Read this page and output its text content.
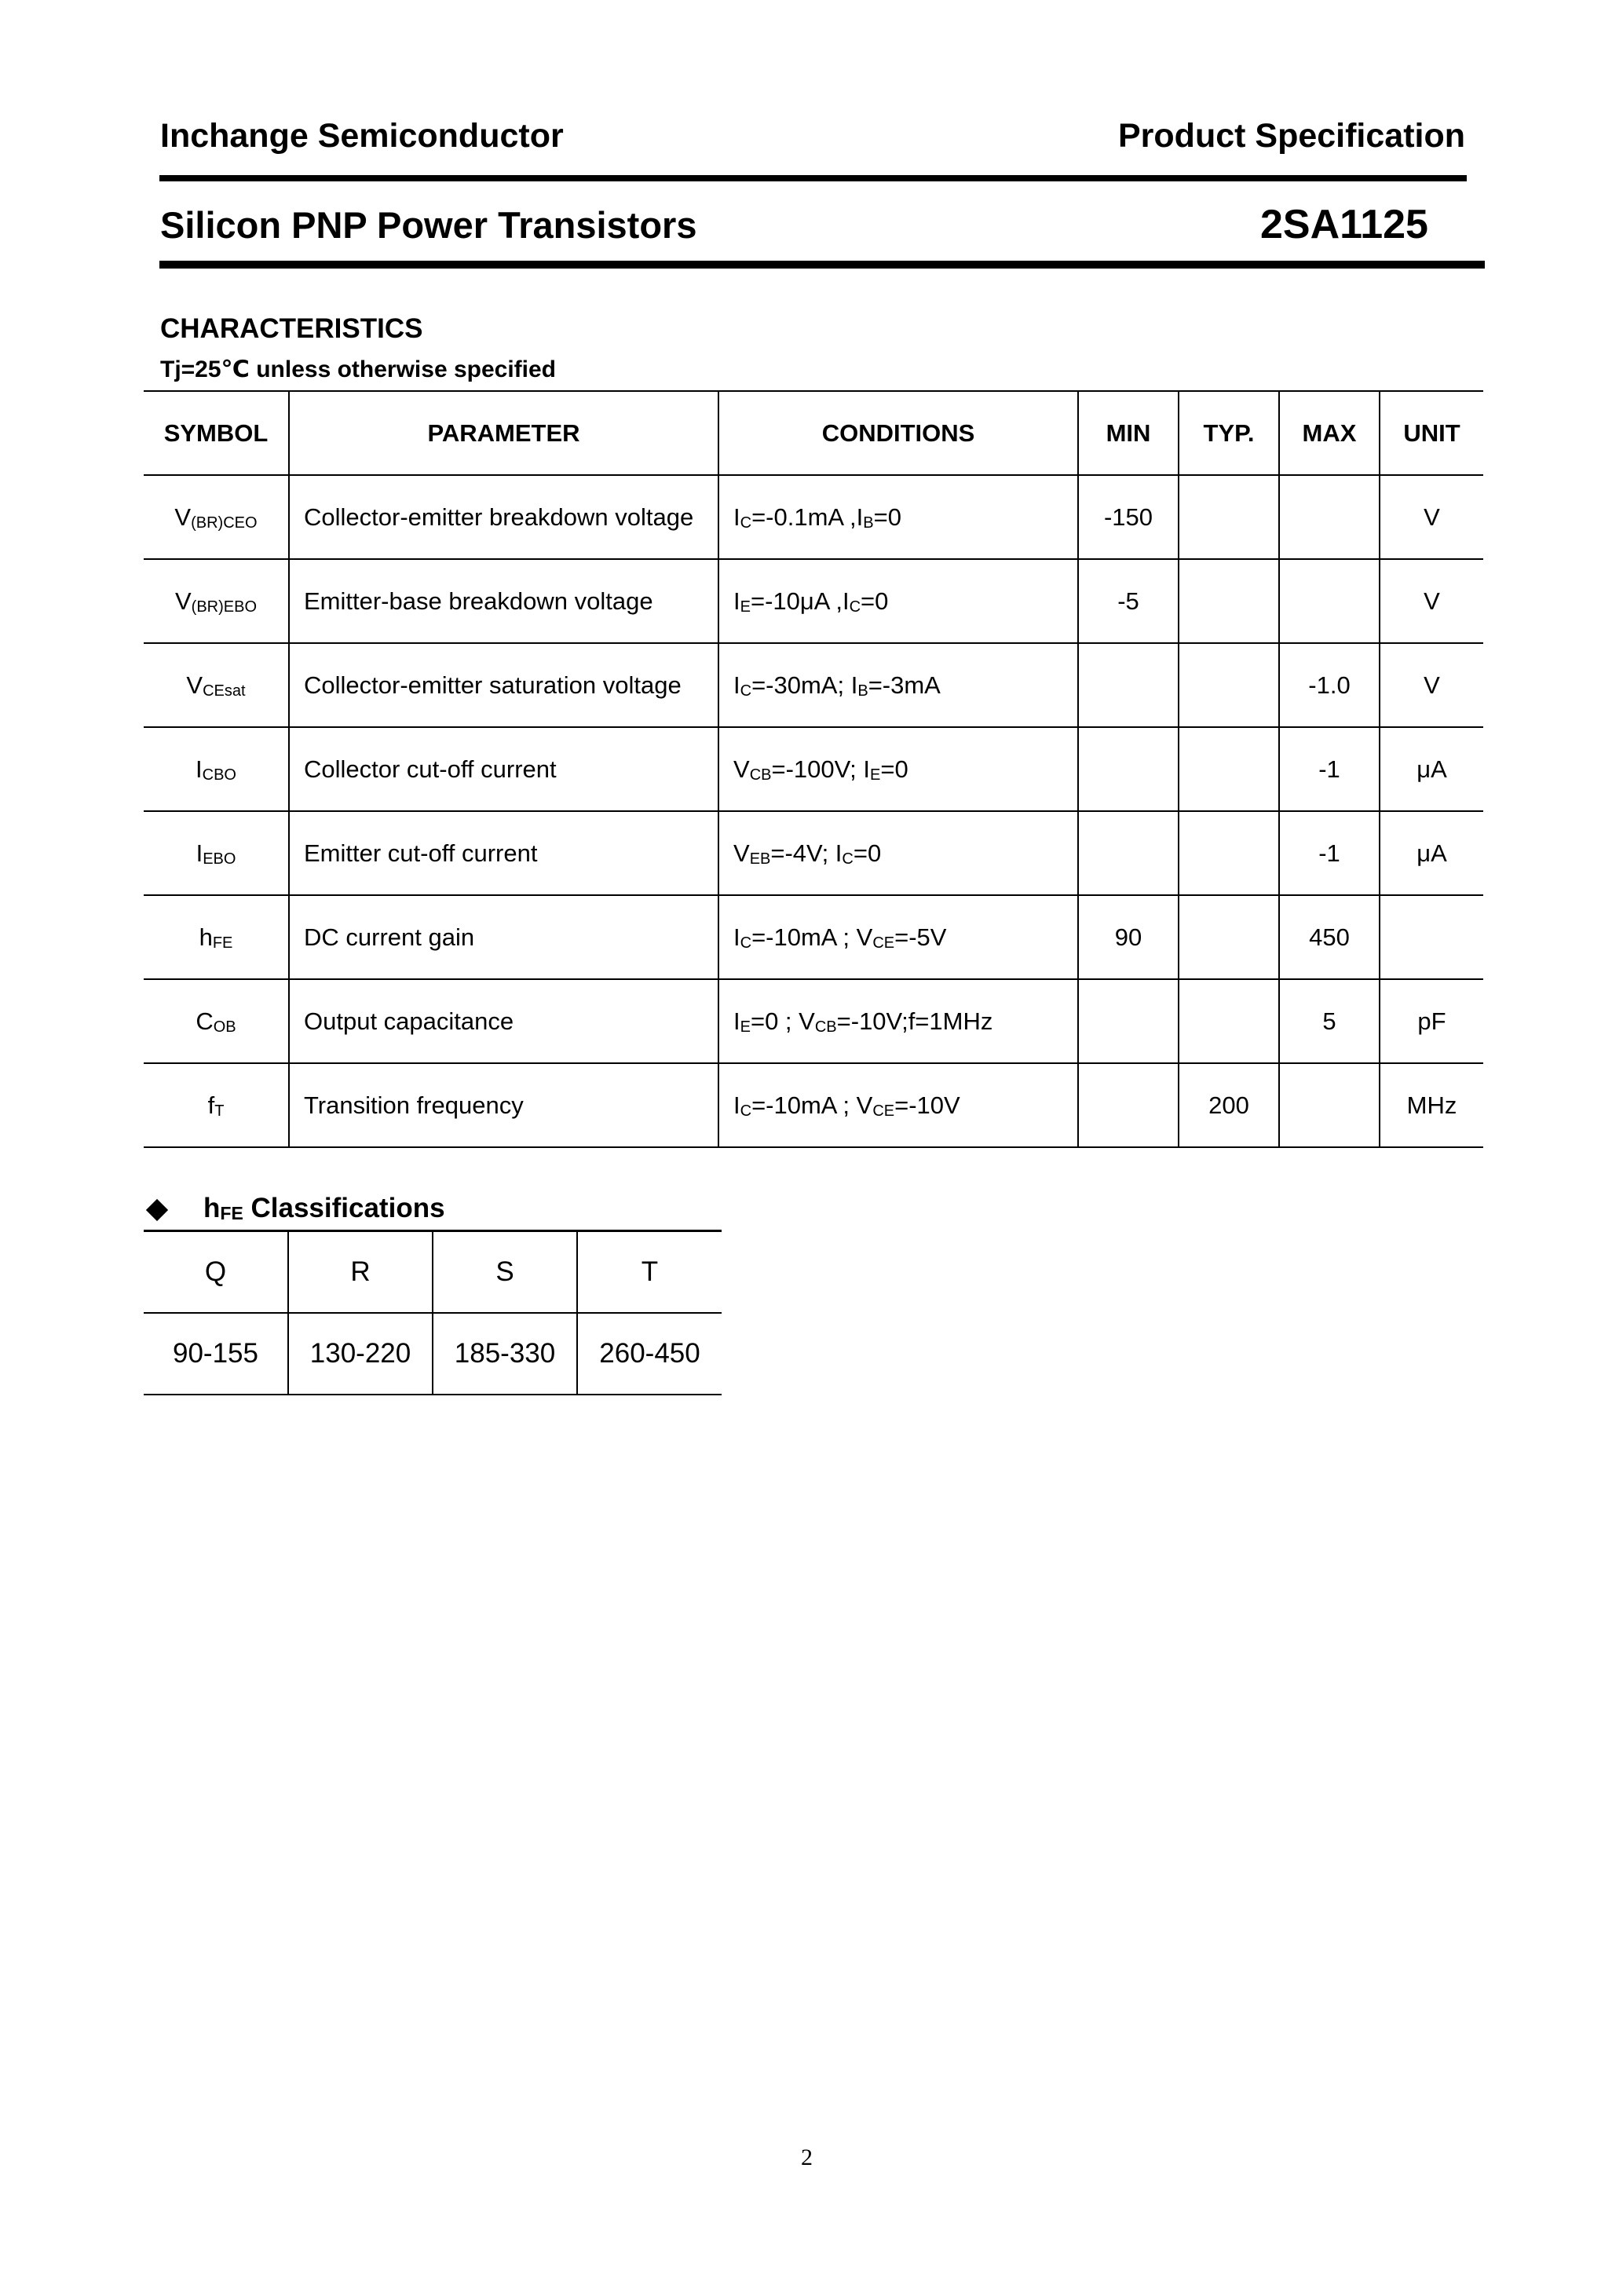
Inchange Semiconductor	Product Specification
Silicon PNP Power Transistors	2SA1125
CHARACTERISTICS
Tj=25℃ unless otherwise specified
SYMBOL	PARAMETER	CONDITIONS	MIN	TYP.	MAX	UNIT
$V_{(BR)CEO}$	Collector-emitter breakdown voltage	$I_C=-0.1mA$ $,I_B=0$	-150			V
$V_{(BR)EBO}$	Emitter-base breakdown voltage	$I_E=-10\mu A$ $,I_C=0$	-5			V
$V_{CEsat}$	Collector-emitter saturation voltage	$I_C=-30mA$; $I_B=-3mA$			-1.0	V
$I_{CBO}$	Collector cut-off current	$V_{CB}=-100V$; $I_E=0$			-1	μA
$I_{EBO}$	Emitter cut-off current	$V_{EB}=-4V$; $I_C=0$			-1	μA
$h_{FE}$	DC current gain	$I_C=-10mA$ ; $V_{CE}=-5V$	90		450	
$C_{OB}$	Output capacitance	$I_E=0$ ; $V_{CB}=-10V;f=1MHz$			5	pF
$f_T$	Transition frequency	$I_C=-10mA$ ; $V_{CE}=-10V$		200		MHz
$h_{FE}$ Classifications
Q	R	S	T
90-155	130-220	185-330	260-450
2
